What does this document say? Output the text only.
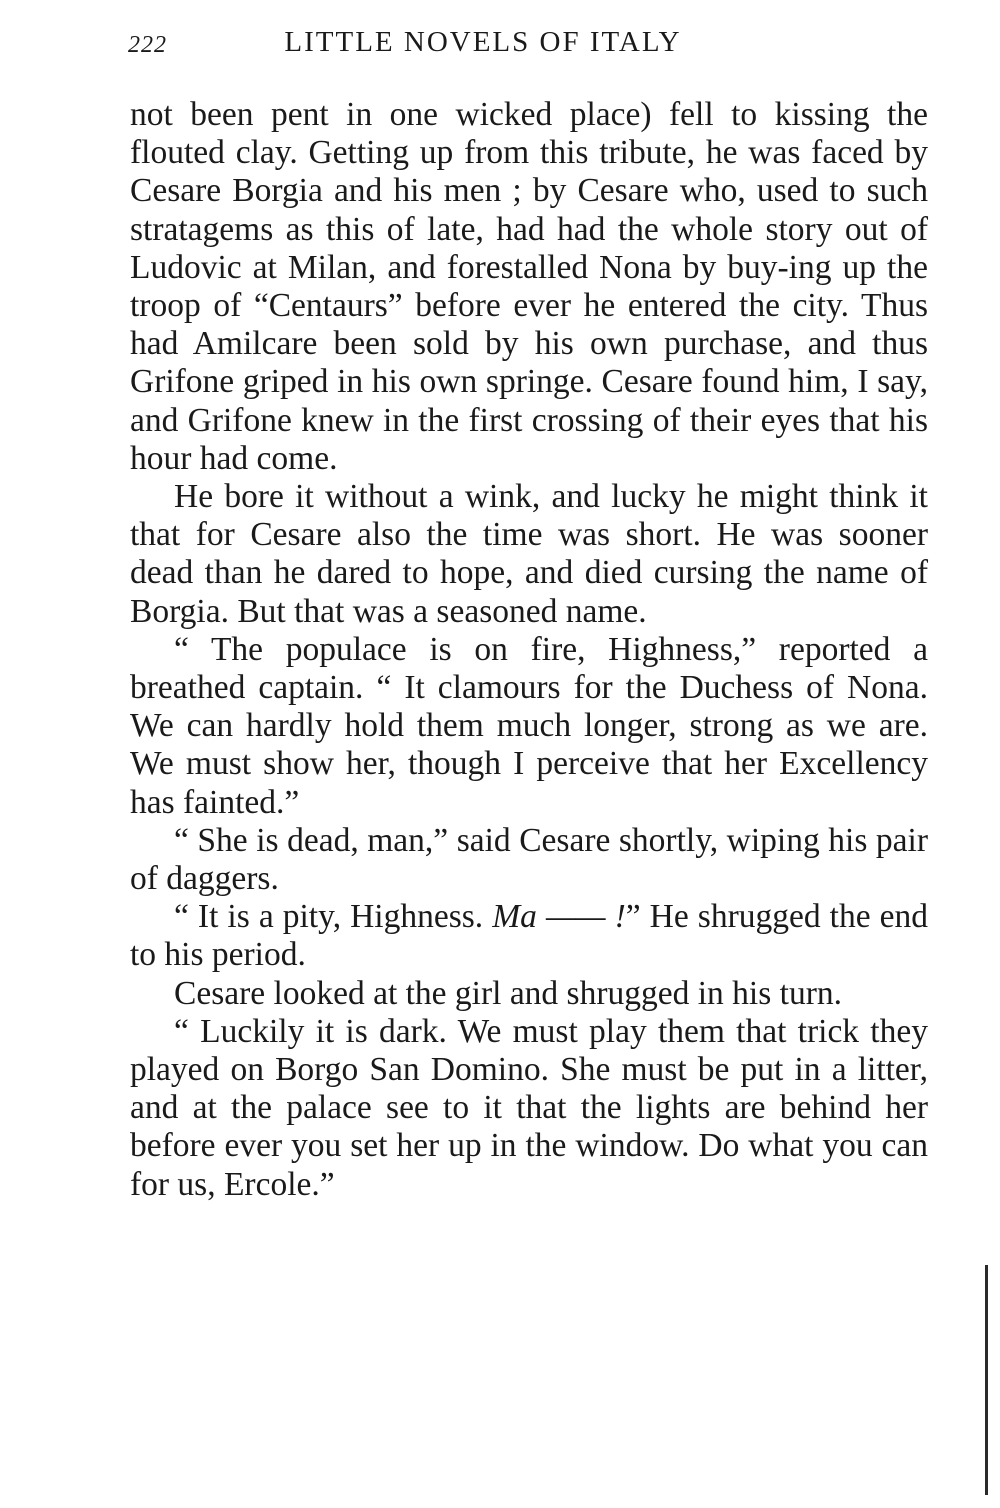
222	LITTLE NOVELS OF ITALY

not been pent in one wicked place) fell to kissing the flouted clay. Getting up from this tribute, he was faced by Cesare Borgia and his men ; by Cesare who, used to such stratagems as this of late, had had the whole story out of Ludovic at Milan, and forestalled Nona by buy-ing up the troop of “Centaurs” before ever he entered the city. Thus had Amilcare been sold by his own purchase, and thus Grifone griped in his own springe. Cesare found him, I say, and Grifone knew in the first crossing of their eyes that his hour had come.

He bore it without a wink, and lucky he might think it that for Cesare also the time was short. He was sooner dead than he dared to hope, and died cursing the name of Borgia. But that was a seasoned name.

“ The populace is on fire, Highness,” reported a breathed captain. “ It clamours for the Duchess of Nona. We can hardly hold them much longer, strong as we are. We must show her, though I perceive that her Excellency has fainted.”

“ She is dead, man,” said Cesare shortly, wiping his pair of daggers.

“ It is a pity, Highness. Ma —— !” He shrugged the end to his period.

Cesare looked at the girl and shrugged in his turn.

“ Luckily it is dark. We must play them that trick they played on Borgo San Domino. She must be put in a litter, and at the palace see to it that the lights are behind her before ever you set her up in the window. Do what you can for us, Ercole.”
